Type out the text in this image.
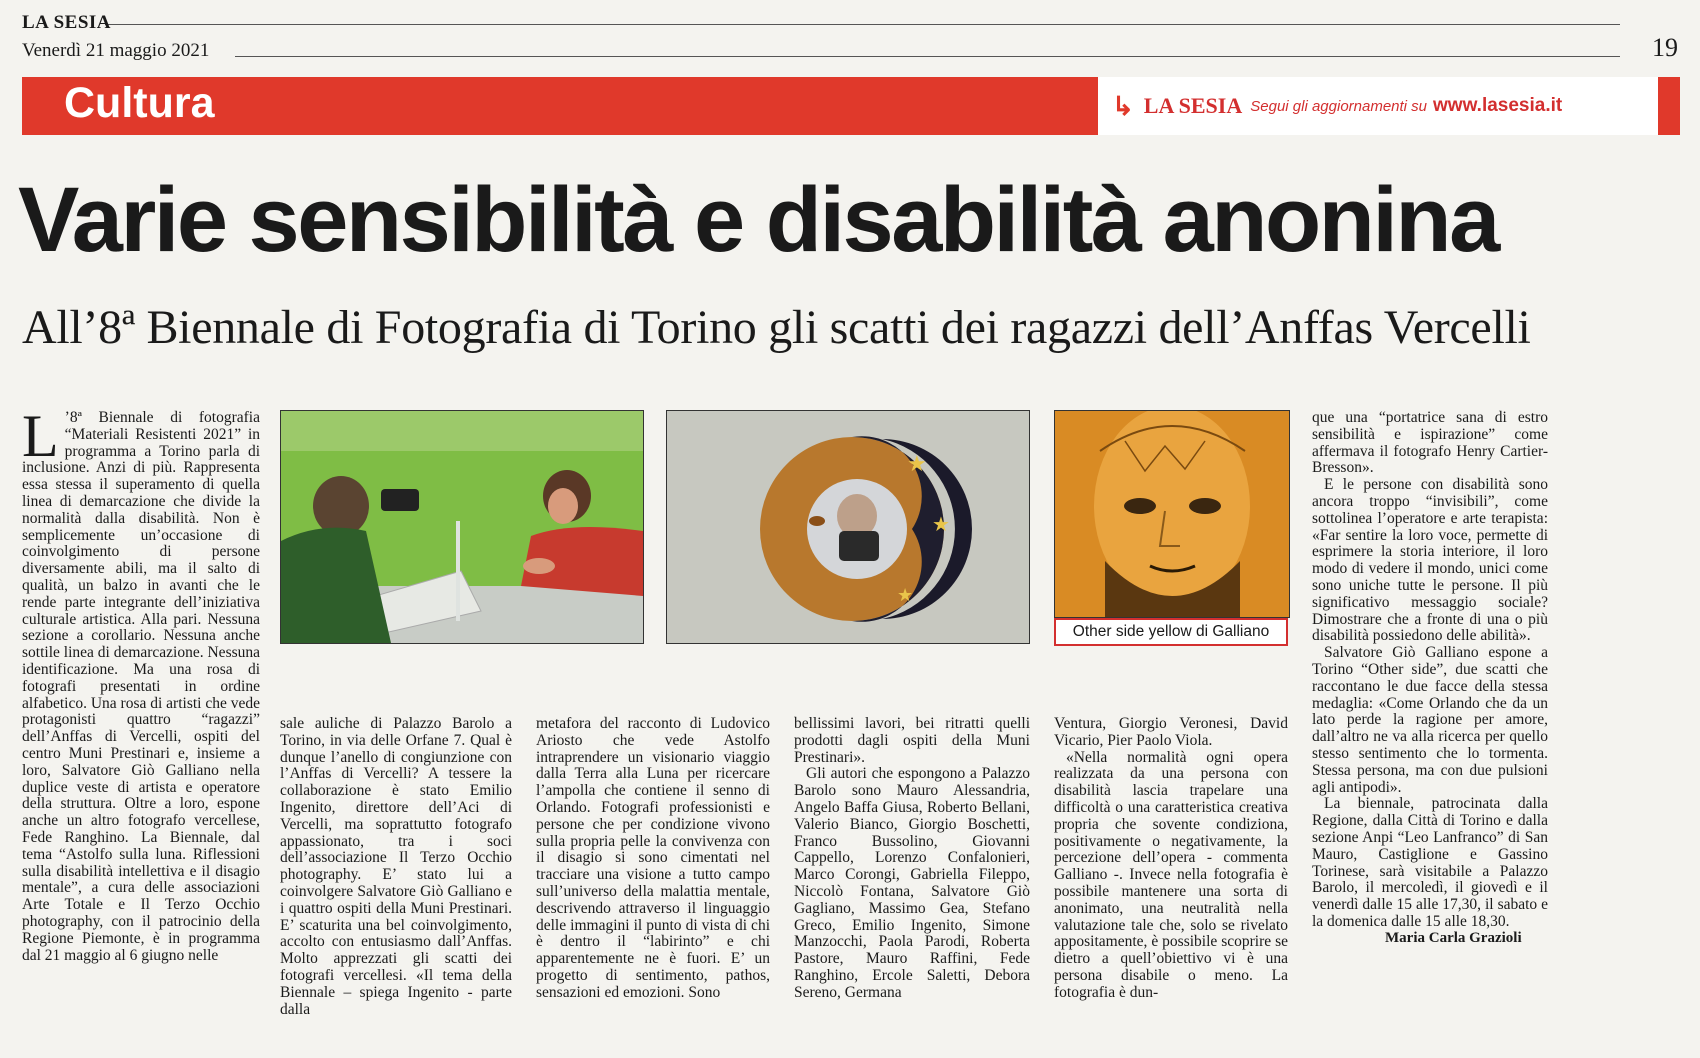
LA SESIA
Venerdì 21 maggio 2021	19
Cultura	↳ LA SESIA Segui gli aggiornamenti su www.lasesia.it
Varie sensibilità e disabilità anonina
All’8ª Biennale di Fotografia di Torino gli scatti dei ragazzi dell’Anffas Vercelli
★
★
★
Other side yellow di Galliano

L ’8ª Biennale di fotografia “Materiali Resistenti 2021” in programma a Torino parla di inclusione. Anzi di più. Rappresenta essa stessa il superamento di quella linea di demarcazione che divide la normalità dalla disabilità. Non è semplicemente un’occasione di coinvolgimento di persone diversamente abili, ma il salto di qualità, un balzo in avanti che le rende parte integrante dell’iniziativa culturale artistica. Alla pari. Nessuna sezione a corollario. Nessuna anche sottile linea di demarcazione. Nessuna identificazione. Ma una rosa di fotografi presentati in ordine alfabetico. Una rosa di artisti che vede protagonisti quattro “ragazzi” dell’Anffas di Vercelli, ospiti del centro Muni Prestinari e, insieme a loro, Salvatore Giò Galliano nella duplice veste di artista e operatore della struttura. Oltre a loro, espone anche un altro fotografo vercellese, Fede Ranghino. La Biennale, dal tema “Astolfo sulla luna. Riflessioni sulla disabilità intellettiva e il disagio mentale”, a cura delle associazioni Arte Totale e Il Terzo Occhio photography, con il patrocinio della Regione Piemonte, è in programma dal 21 maggio al 6 giugno nelle

sale auliche di Palazzo Barolo a Torino, in via delle Orfane 7. Qual è dunque l’anello di congiunzione con l’Anffas di Vercelli? A tessere la collaborazione è stato Emilio Ingenito, direttore dell’Aci di Vercelli, ma soprattutto fotografo appassionato, tra i soci dell’associazione Il Terzo Occhio photography. E’ stato lui a coinvolgere Salvatore Giò Galliano e i quattro ospiti della Muni Prestinari. E’ scaturita una bel coinvolgimento, accolto con entusiasmo dall’Anffas. Molto apprezzati gli scatti dei fotografi vercellesi. «Il tema della Biennale – spiega Ingenito - parte dalla

metafora del racconto di Ludovico Ariosto che vede Astolfo intraprendere un visionario viaggio dalla Terra alla Luna per ricercare l’ampolla che contiene il senno di Orlando. Fotografi professionisti e persone che per condizione vivono sulla propria pelle la convivenza con il disagio si sono cimentati nel tracciare una visione a tutto campo sull’universo della malattia mentale, descrivendo attraverso il linguaggio delle immagini il punto di vista di chi è dentro il “labirinto” e chi apparentemente ne è fuori. E’ un progetto di sentimento, pathos, sensazioni ed emozioni. Sono

bellissimi lavori, bei ritratti quelli prodotti dagli ospiti della Muni Prestinari».

Gli autori che espongono a Palazzo Barolo sono Mauro Alessandria, Angelo Baffa Giusa, Roberto Bellani, Valerio Bianco, Giorgio Boschetti, Franco Bussolino, Giovanni Cappello, Lorenzo Confalonieri, Marco Corongi, Gabriella Fileppo, Niccolò Fontana, Salvatore Giò Gagliano, Massimo Gea, Stefano Greco, Emilio Ingenito, Simone Manzocchi, Paola Parodi, Roberta Pastore, Mauro Raffini, Fede Ranghino, Ercole Saletti, Debora Sereno, Germana

Ventura, Giorgio Veronesi, David Vicario, Pier Paolo Viola.

«Nella normalità ogni opera realizzata da una persona con disabilità lascia trapelare una difficoltà o una caratteristica creativa propria che sovente condiziona, positivamente o negativamente, la percezione dell’opera - commenta Galliano -. Invece nella fotografia è possibile mantenere una sorta di anonimato, una neutralità nella valutazione tale che, solo se rivelato appositamente, è possibile scoprire se dietro a quell’obiettivo vi è una persona disabile o meno. La fotografia è dun-

que una “portatrice sana di estro sensibilità e ispirazione” come affermava il fotografo Henry Cartier-Bresson».

E le persone con disabilità sono ancora troppo “invisibili”, come sottolinea l’operatore e arte terapista: «Far sentire la loro voce, permette di esprimere la storia interiore, il loro modo di vedere il mondo, unici come sono uniche tutte le persone. Il più significativo messaggio sociale? Dimostrare che a fronte di una o più disabilità possiedono delle abilità».

Salvatore Giò Galliano espone a Torino “Other side”, due scatti che raccontano le due facce della stessa medaglia: «Come Orlando che da un lato perde la ragione per amore, dall’altro ne va alla ricerca per quello stesso sentimento che lo tormenta. Stessa persona, ma con due pulsioni agli antipodi».

La biennale, patrocinata dalla Regione, dalla Città di Torino e dalla sezione Anpi “Leo Lanfranco” di San Mauro, Castiglione e Gassino Torinese, sarà visitabile a Palazzo Barolo, il mercoledì, il giovedì e il venerdì dalle 15 alle 17,30, il sabato e la domenica dalle 15 alle 18,30.

Maria Carla Grazioli
